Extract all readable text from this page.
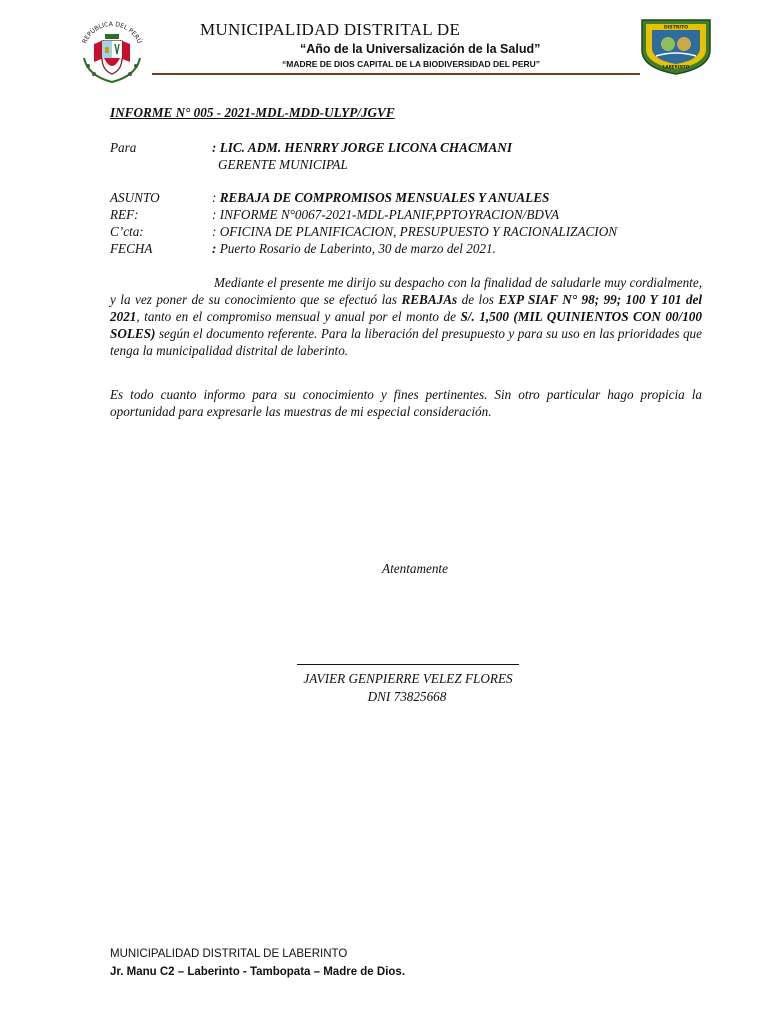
REPÚBLICA DEL PERÚ
MUNICIPALIDAD DISTRITAL DE
“Año de la Universalización de la Salud”
“MADRE DE DIOS CAPITAL DE LA BIODIVERSIDAD DEL PERU”
DISTRITO
LABERINTO
INFORME N° 005 - 2021-MDL-MDD-ULYP/JGVF
Para	: LIC. ADM. HENRRY JORGE LICONA CHACMANI
GERENTE MUNICIPAL
ASUNTO	: REBAJA DE COMPROMISOS MENSUALES Y ANUALES
REF:	: INFORME N°0067-2021-MDL-PLANIF,PPTOYRACION/BDVA
C’cta:	: OFICINA DE PLANIFICACION, PRESUPUESTO Y RACIONALIZACION
FECHA	: Puerto Rosario de Laberinto, 30 de marzo del 2021.
Mediante el presente me dirijo su despacho con la finalidad de saludarle muy cordialmente, y la vez poner de su conocimiento que se efectuó las REBAJAs de los EXP SIAF N° 98; 99; 100 Y 101 del 2021, tanto en el compromiso mensual y anual por el monto de S/. 1,500 (MIL QUINIENTOS CON 00/100 SOLES) según el documento referente. Para la liberación del presupuesto y para su uso en las prioridades que tenga la municipalidad distrital de laberinto.
Es todo cuanto informo para su conocimiento y fines pertinentes. Sin otro particular hago propicia la oportunidad para expresarle las muestras de mi especial consideración.
Atentamente
JAVIER GENPIERRE VELEZ FLORES
DNI 73825668
MUNICIPALIDAD DISTRITAL DE LABERINTO
Jr. Manu C2 – Laberinto - Tambopata – Madre de Dios.
